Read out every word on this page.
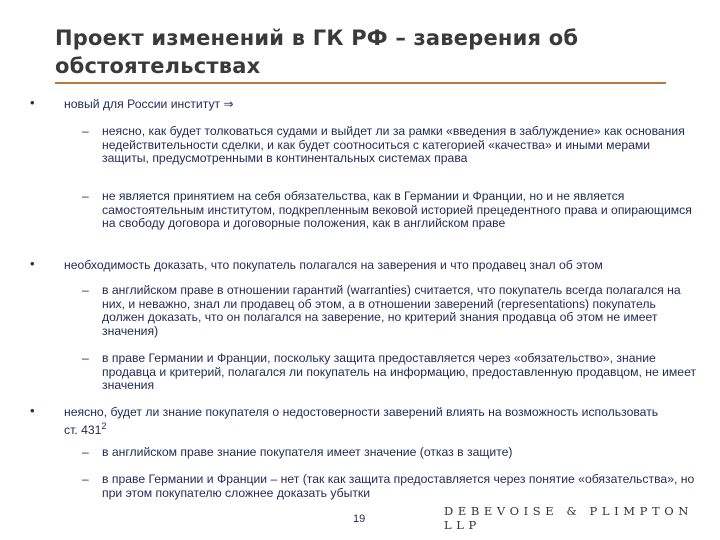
Проект изменений в ГК РФ – заверения об обстоятельствах
• новый для России институт ⇒
– неясно, как будет толковаться судами и выйдет ли за рамки «введения в заблуждение» как основания недействительности сделки, и как будет соотноситься с категорией «качества» и иными мерами защиты, предусмотренными в континентальных системах права
– не является принятием на себя обязательства, как в Германии и Франции, но и не является самостоятельным институтом, подкрепленным вековой историей прецедентного права и опирающимся на свободу договора и договорные положения, как в английском праве
• необходимость доказать, что покупатель полагался на заверения и что продавец знал об этом
– в английском праве в отношении гарантий (warranties) считается, что покупатель всегда полагался на них, и неважно, знал ли продавец об этом, а в отношении заверений (representations) покупатель должен доказать, что он полагался на заверение, но критерий знания продавца об этом не имеет значения)
– в праве Германии и Франции, поскольку защита предоставляется через «обязательство», знание продавца и критерий, полагался ли покупатель на информацию, предоставленную продавцом, не имеет значения
• неясно, будет ли знание покупателя о недостоверности заверений влиять на возможность использовать ст. $431^2$
– в английском праве знание покупателя имеет значение (отказ в защите)
– в праве Германии и Франции – нет (так как защита предоставляется через понятие «обязательства», но при этом покупателю сложнее доказать убытки
19
DEBEVOISE & PLIMPTON LLP
